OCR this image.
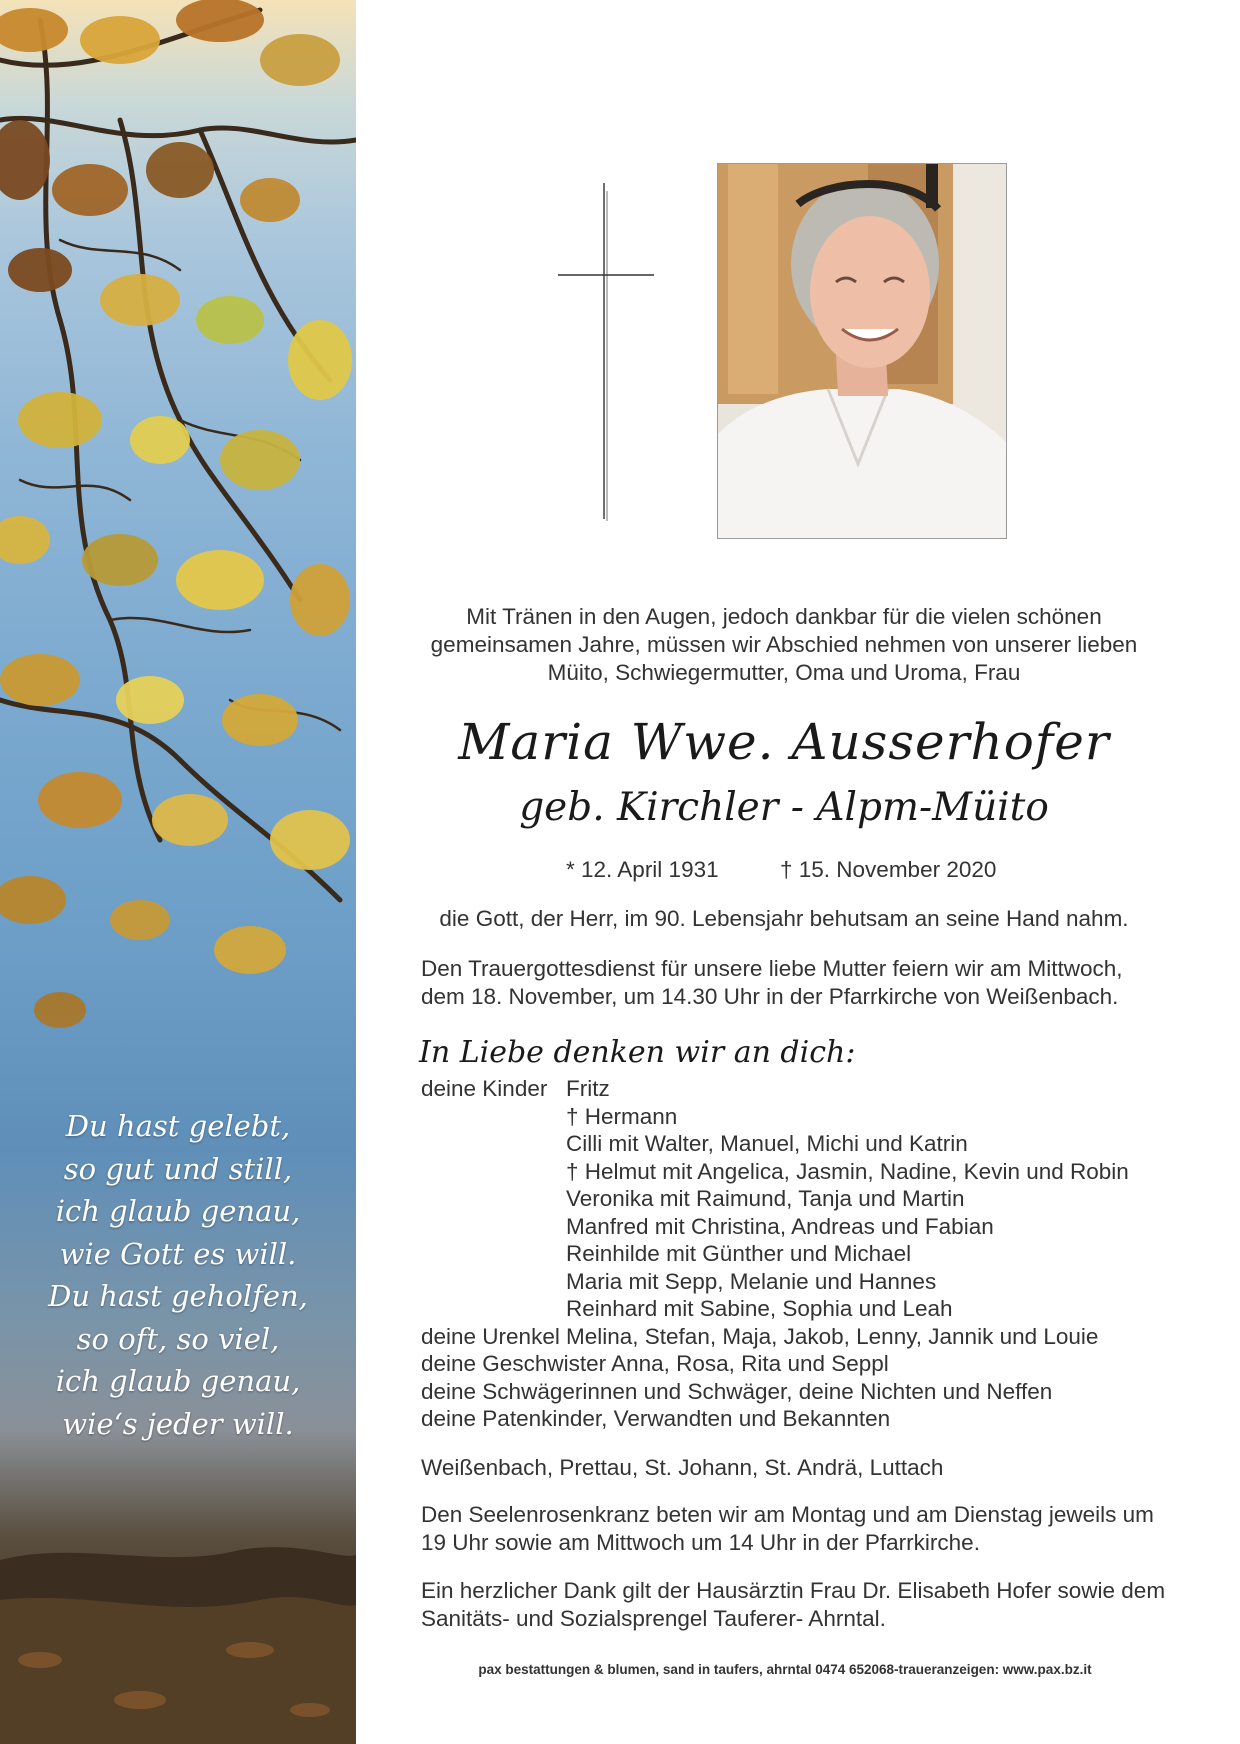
Du hast gelebt,
so gut und still,
ich glaub genau,
wie Gott es will.
Du hast geholfen,
so oft, so viel,
ich glaub genau,
wie‘s jeder will.
Mit Tränen in den Augen, jedoch dankbar für die vielen schönen
gemeinsamen Jahre, müssen wir Abschied nehmen von unserer lieben
Müito, Schwiegermutter, Oma und Uroma, Frau
Maria Wwe. Ausserhofer
geb. Kirchler - Alpm-Müito
* 12. April 1931	† 15. November 2020
die Gott, der Herr, im 90. Lebensjahr behutsam an seine Hand nahm.
Den Trauergottesdienst für unsere liebe Mutter feiern wir am Mittwoch,
dem 18. November, um 14.30 Uhr in der Pfarrkirche von Weißenbach.
In Liebe denken wir an dich:
deine Kinder Fritz
† Hermann
Cilli mit Walter, Manuel, Michi und Katrin
† Helmut mit Angelica, Jasmin, Nadine, Kevin und Robin
Veronika mit Raimund, Tanja und Martin
Manfred mit Christina, Andreas und Fabian
Reinhilde mit Günther und Michael
Maria mit Sepp, Melanie und Hannes
Reinhard mit Sabine, Sophia und Leah
deine Urenkel Melina, Stefan, Maja, Jakob, Lenny, Jannik und Louie
deine Geschwister Anna, Rosa, Rita und Seppl
deine Schwägerinnen und Schwäger, deine Nichten und Neffen
deine Patenkinder, Verwandten und Bekannten
Weißenbach, Prettau, St. Johann, St. Andrä, Luttach
Den Seelenrosenkranz beten wir am Montag und am Dienstag jeweils um
19 Uhr sowie am Mittwoch um 14 Uhr in der Pfarrkirche.
Ein herzlicher Dank gilt der Hausärztin Frau Dr. Elisabeth Hofer sowie dem
Sanitäts- und Sozialsprengel Tauferer- Ahrntal.
pax bestattungen & blumen, sand in taufers, ahrntal 0474 652068-traueranzeigen: www.pax.bz.it
